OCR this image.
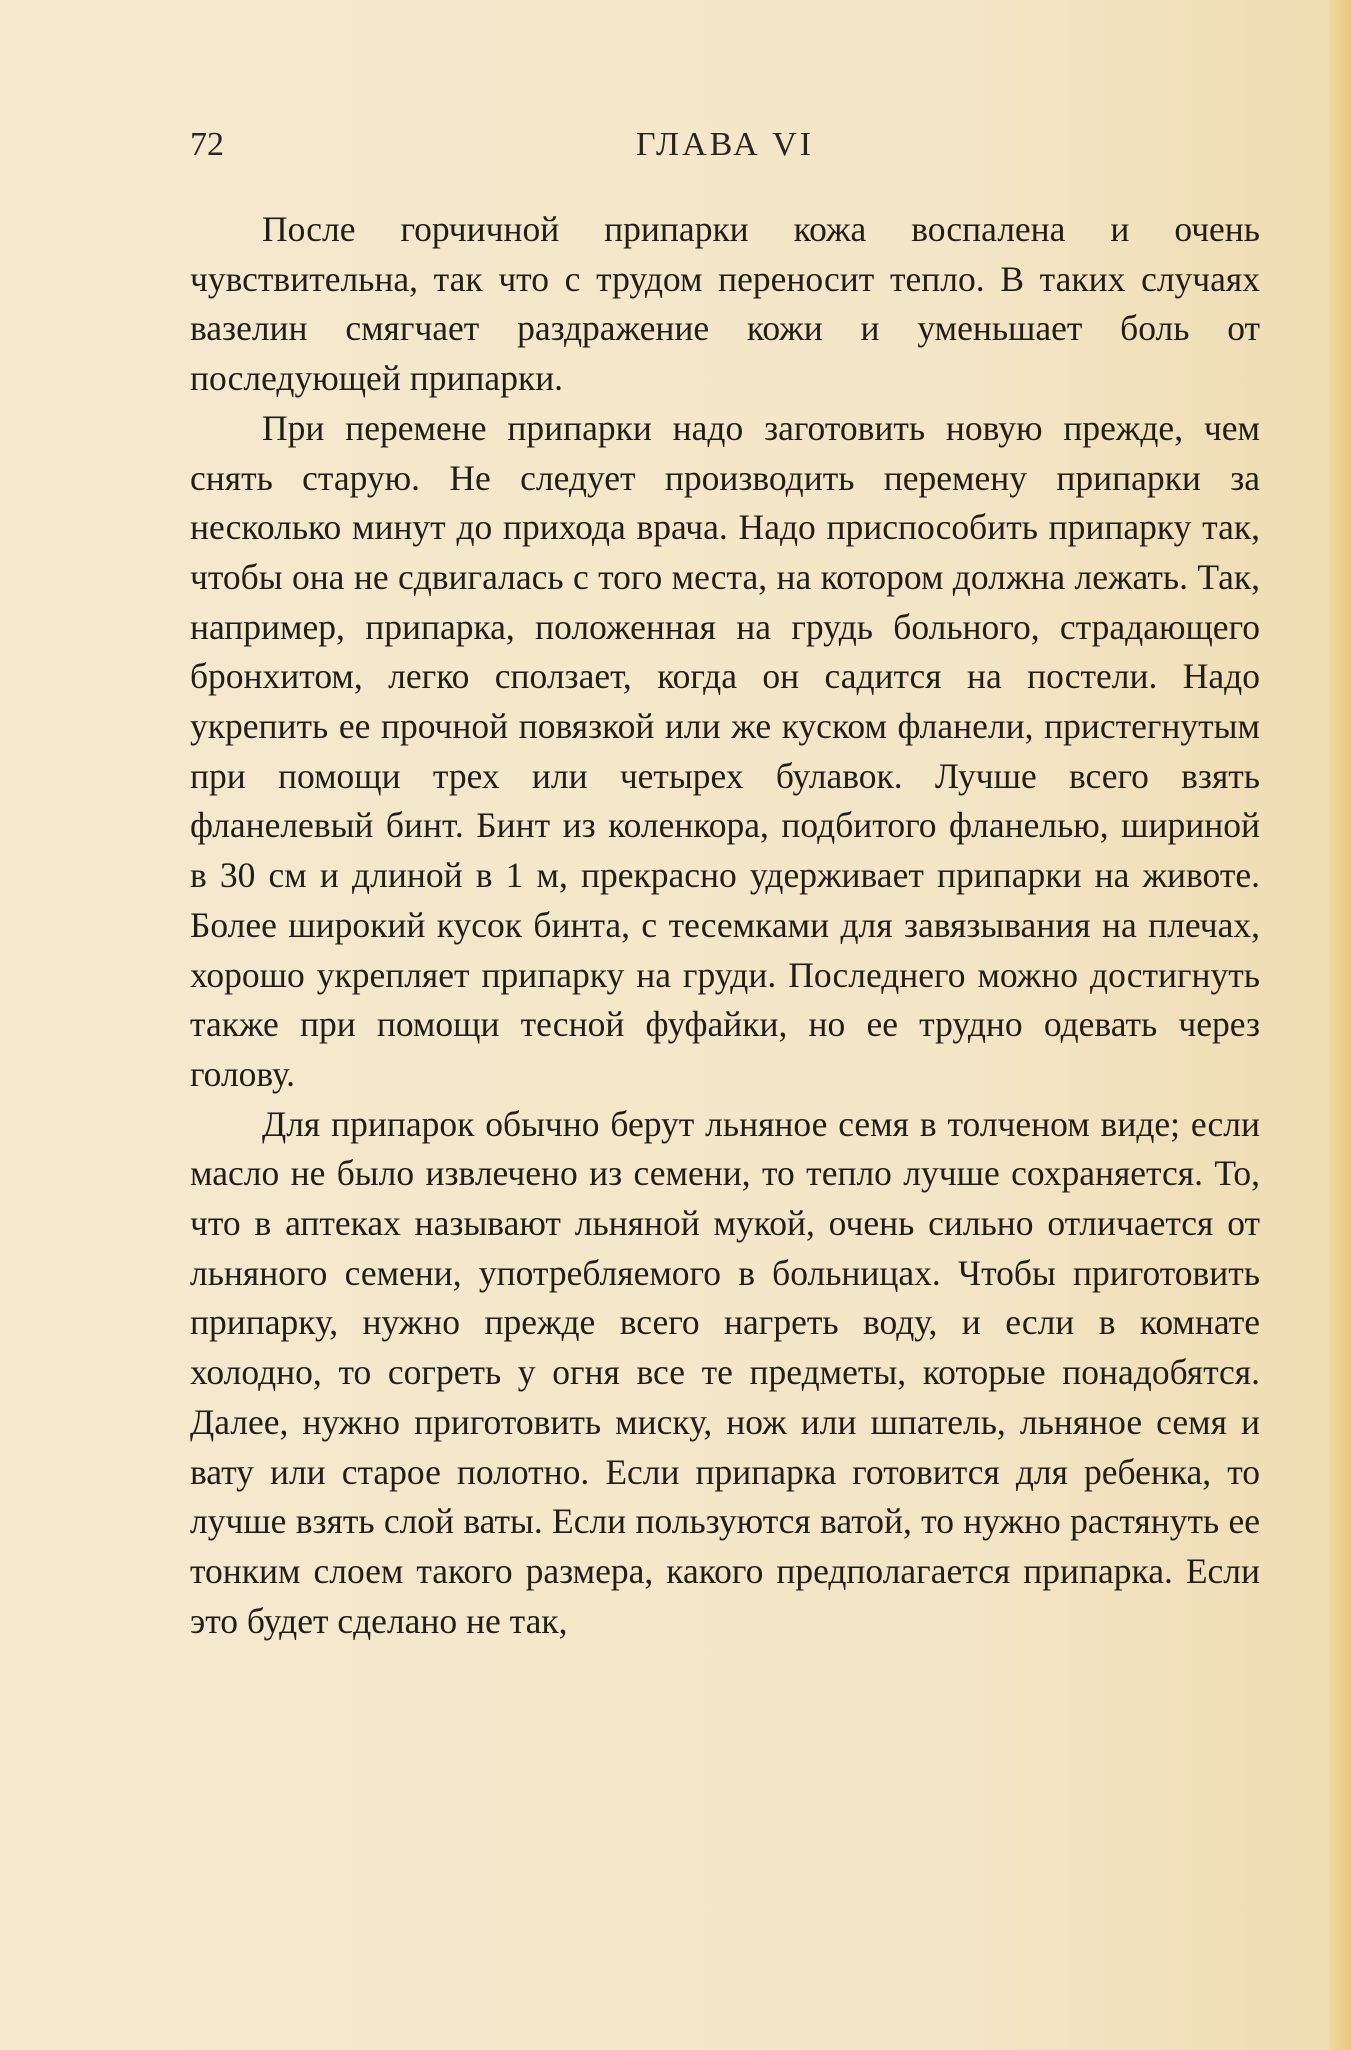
72	ГЛАВА VI

После горчичной припарки кожа воспалена и очень чувствительна, так что с трудом переносит тепло. В таких случаях вазелин смягчает раздражение кожи и уменьшает боль от последующей припарки.

При перемене припарки надо заготовить новую прежде, чем снять старую. Не следует производить перемену припарки за несколько минут до прихода врача. Надо приспособить припарку так, чтобы она не сдвигалась с того места, на котором должна лежать. Так, например, припарка, положенная на грудь больного, страдающего бронхитом, легко сползает, когда он садится на постели. Надо укрепить ее прочной повязкой или же куском фланели, пристегнутым при помощи трех или четырех булавок. Лучше всего взять фланелевый бинт. Бинт из коленкора, подбитого фланелью, шириной в 30 см и длиной в 1 м, прекрасно удерживает припарки на животе. Более широкий кусок бинта, с тесемками для завязывания на плечах, хорошо укрепляет припарку на груди. Последнего можно достигнуть также при помощи тесной фуфайки, но ее трудно одевать через голову.

Для припарок обычно берут льняное семя в толченом виде; если масло не было извлечено из семени, то тепло лучше сохраняется. То, что в аптеках называют льняной мукой, очень сильно отличается от льняного семени, употребляемого в больницах. Чтобы приготовить припарку, нужно прежде всего нагреть воду, и если в комнате холодно, то согреть у огня все те предметы, которые понадобятся. Далее, нужно приготовить миску, нож или шпатель, льняное семя и вату или старое полотно. Если припарка готовится для ребенка, то лучше взять слой ваты. Если пользуются ватой, то нужно растянуть ее тонким слоем такого размера, какого предполагается припарка. Если это будет сделано не так,
